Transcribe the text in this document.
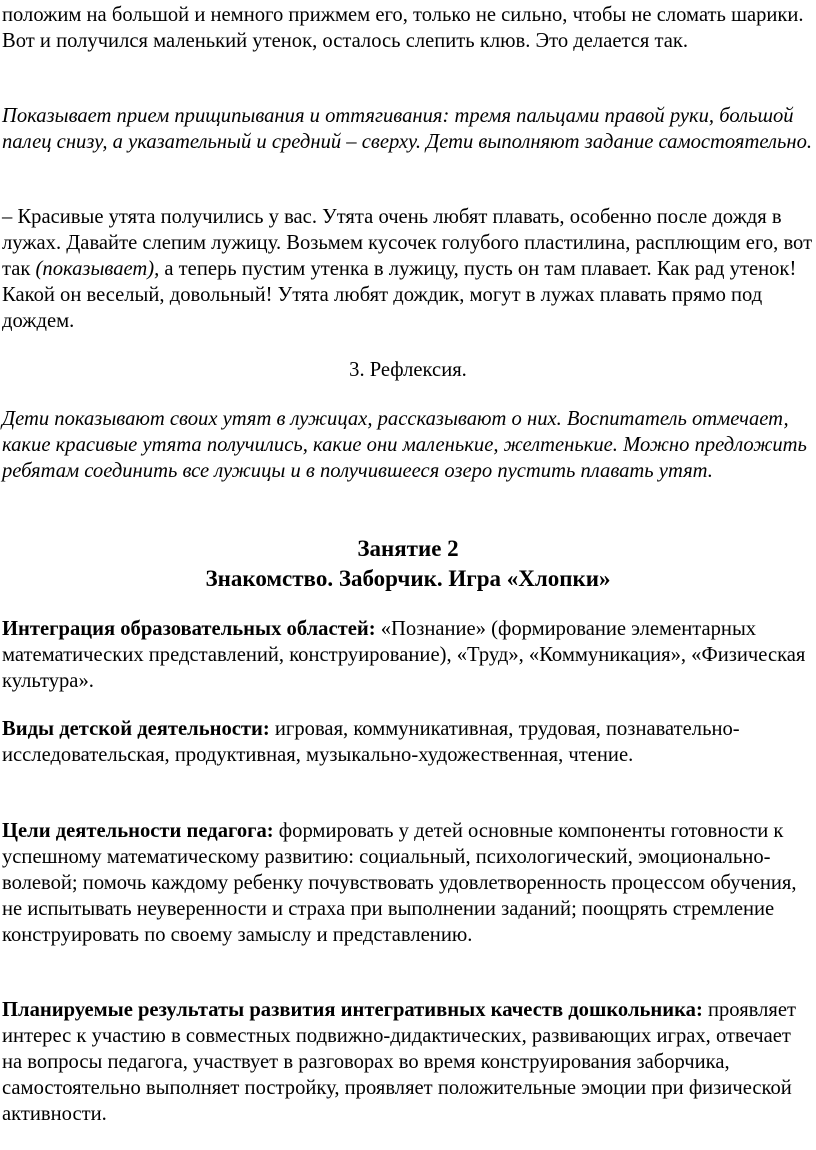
положим на большой и немного прижмем его, только не сильно, чтобы не сломать шарики. Вот и получился маленький утенок, осталось слепить клюв. Это делается так.

Показывает прием прищипывания и оттягивания: тремя пальцами правой руки, большой палец снизу, а указательный и средний – сверху. Дети выполняют задание самостоятельно.

– Красивые утята получились у вас. Утята очень любят плавать, особенно после дождя в лужах. Давайте слепим лужицу. Возьмем кусочек голубого пластилина, расплющим его, вот так (показывает), а теперь пустим утенка в лужицу, пусть он там плавает. Как рад утенок! Какой он веселый, довольный! Утята любят дождик, могут в лужах плавать прямо под дождем.

3. Рефлексия.

Дети показывают своих утят в лужицах, рассказывают о них. Воспитатель отмечает, какие красивые утята получились, какие они маленькие, желтенькие. Можно предложить ребятам соединить все лужицы и в получившееся озеро пустить плавать утят.

Занятие 2
Знакомство. Заборчик. Игра «Хлопки»

Интеграция образовательных областей: «Познание» (формирование элементарных математических представлений, конструирование), «Труд», «Коммуникация», «Физическая культура».

Виды детской деятельности: игровая, коммуникативная, трудовая, познавательно-исследовательская, продуктивная, музыкально-художественная, чтение.

Цели деятельности педагога: формировать у детей основные компоненты готовности к успешному математическому развитию: социальный, психологический, эмоционально-волевой; помочь каждому ребенку почувствовать удовлетворенность процессом обучения, не испытывать неуверенности и страха при выполнении заданий; поощрять стремление конструировать по своему замыслу и представлению.

Планируемые результаты развития интегративных качеств дошкольника: проявляет интерес к участию в совместных подвижно-дидактических, развивающих играх, отвечает на вопросы педагога, участвует в разговорах во время конструирования заборчика, самостоятельно выполняет постройку, проявляет положительные эмоции при физической активности.
